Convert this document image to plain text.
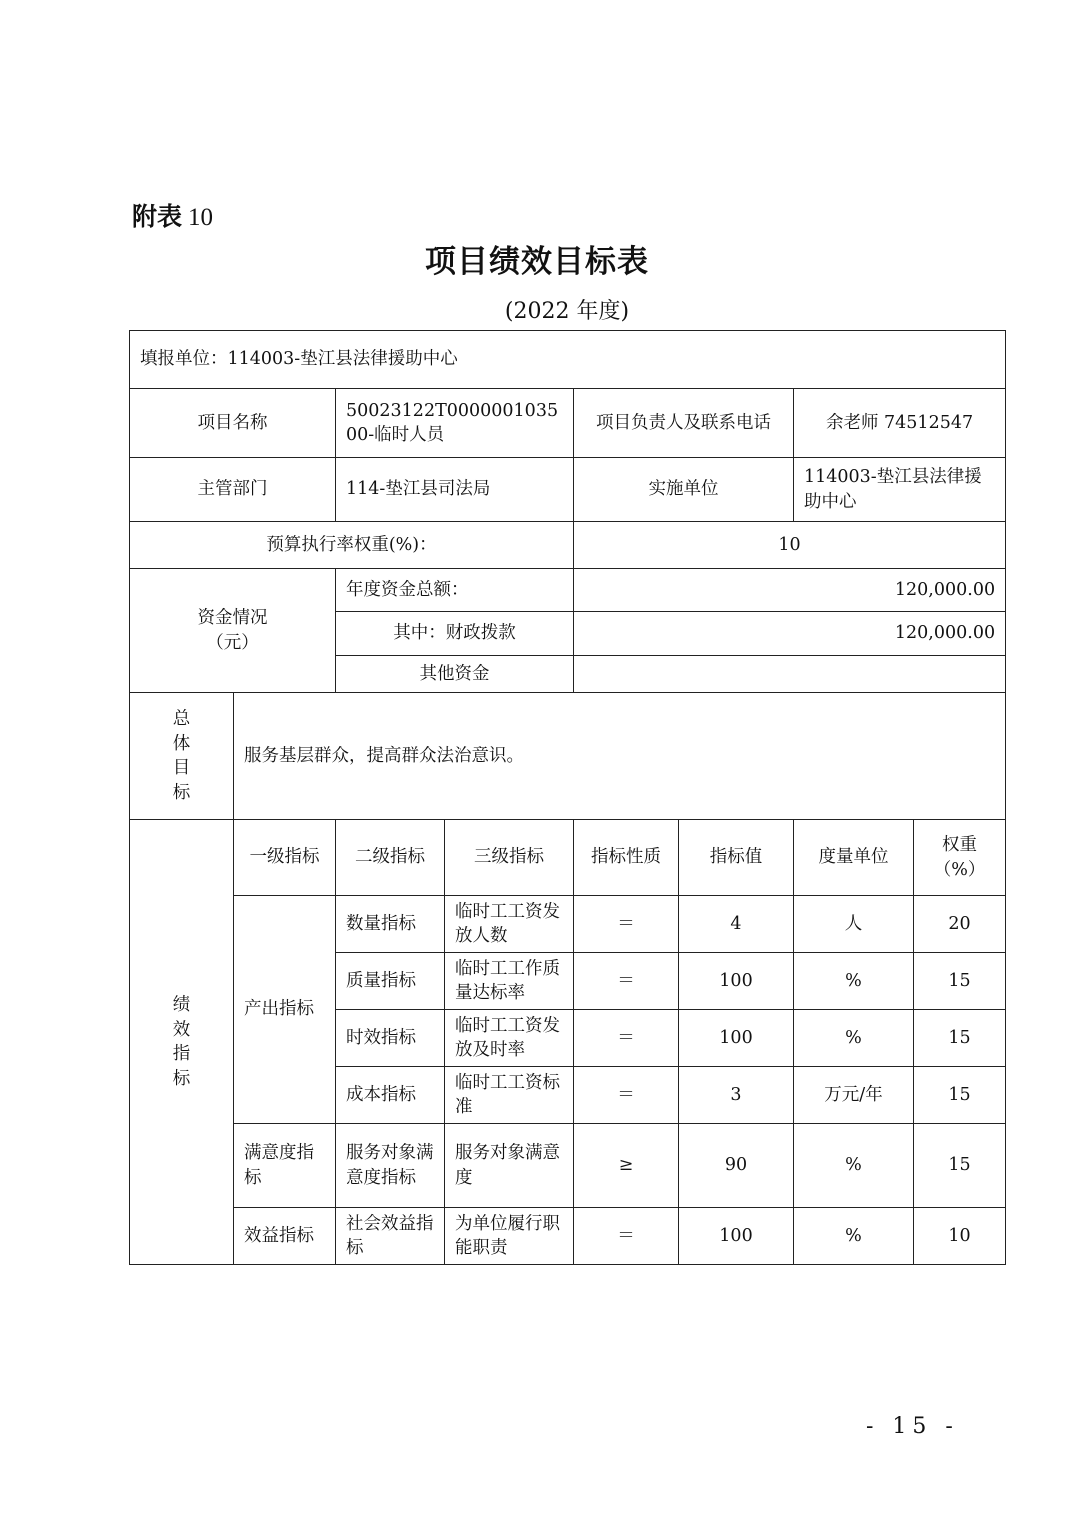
附表 10
项目绩效目标表
(2022 年度)
填报单位：114003-垫江县法律援助中心							
项目名称		50023122T000000103500-临时人员		项目负责人及联系电话		余老师 74512547	
主管部门		114-垫江县司法局		实施单位		114003-垫江县法律援助中心	
预算执行率权重(%)：				10			
资金情况
（元）		年度资金总额：		120,000.00			
		其中：财政拨款		120,000.00			
		其他资金					

总
体
目
标	服务基层群众，提高群众法治意识。						

绩
效
指
标	一级指标	二级指标	三级指标	指标性质	指标值	度量单位	权重（%）
	产出指标	数量指标	临时工工资发放人数	＝	4	人	20
		质量指标	临时工工作质量达标率	＝	100	%	15
		时效指标	临时工工资发放及时率	＝	100	%	15
		成本指标	临时工工资标准	＝	3	万元/年	15
	满意度指标	服务对象满意度指标	服务对象满意度	≥	90	%	15
	效益指标	社会效益指标	为单位履行职能职责	＝	100	%	10
- 15 -
